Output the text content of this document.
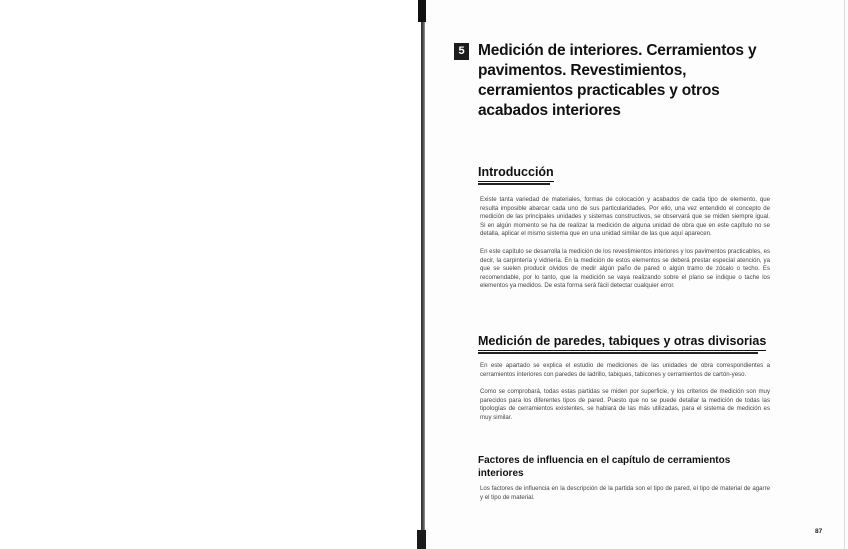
5 Medición de interiores. Cerramientos y pavimentos. Revestimientos, cerramientos practicables y otros acabados interiores
Introducción

Existe tanta variedad de materiales, formas de colocación y acabados de cada tipo de elemento, que resulta imposible abarcar cada uno de sus particularidades. Por ello, una vez entendido el concepto de medición de las principales unidades y sistemas constructivos, se observará que se miden siempre igual. Si en algún momento se ha de realizar la medición de alguna unidad de obra que en este capítulo no se detalla, aplicar el mismo sistema que en una unidad similar de las que aquí aparecen.

En este capítulo se desarrolla la medición de los revestimientos interiores y los pavimentos practicables, es decir, la carpintería y vidriería. En la medición de estos elementos se deberá prestar especial atención, ya que se suelen producir olvidos de medir algún paño de pared o algún tramo de zócalo o techo. Es recomendable, por lo tanto, que la medición se vaya realizando sobre el plano se indique o tache los elementos ya medidos. De esta forma será fácil detectar cualquier error.

Medición de paredes, tabiques y otras divisorias

En este apartado se explica el estudio de mediciones de las unidades de obra correspondientes a cerramientos interiores con paredes de ladrillo, tabiques, tabicones y cerramientos de cartón-yeso.

Como se comprobará, todas estas partidas se miden por superficie, y los criterios de medición son muy parecidos para los diferentes tipos de pared. Puesto que no se puede detallar la medición de todas las tipologías de cerramientos existentes, se hablará de las más utilizadas, para el sistema de medición es muy similar.

Factores de influencia en el capítulo de cerramientos interiores

Los factores de influencia en la descripción de la partida son el tipo de pared, el tipo de material de agarre y el tipo de material.

87
